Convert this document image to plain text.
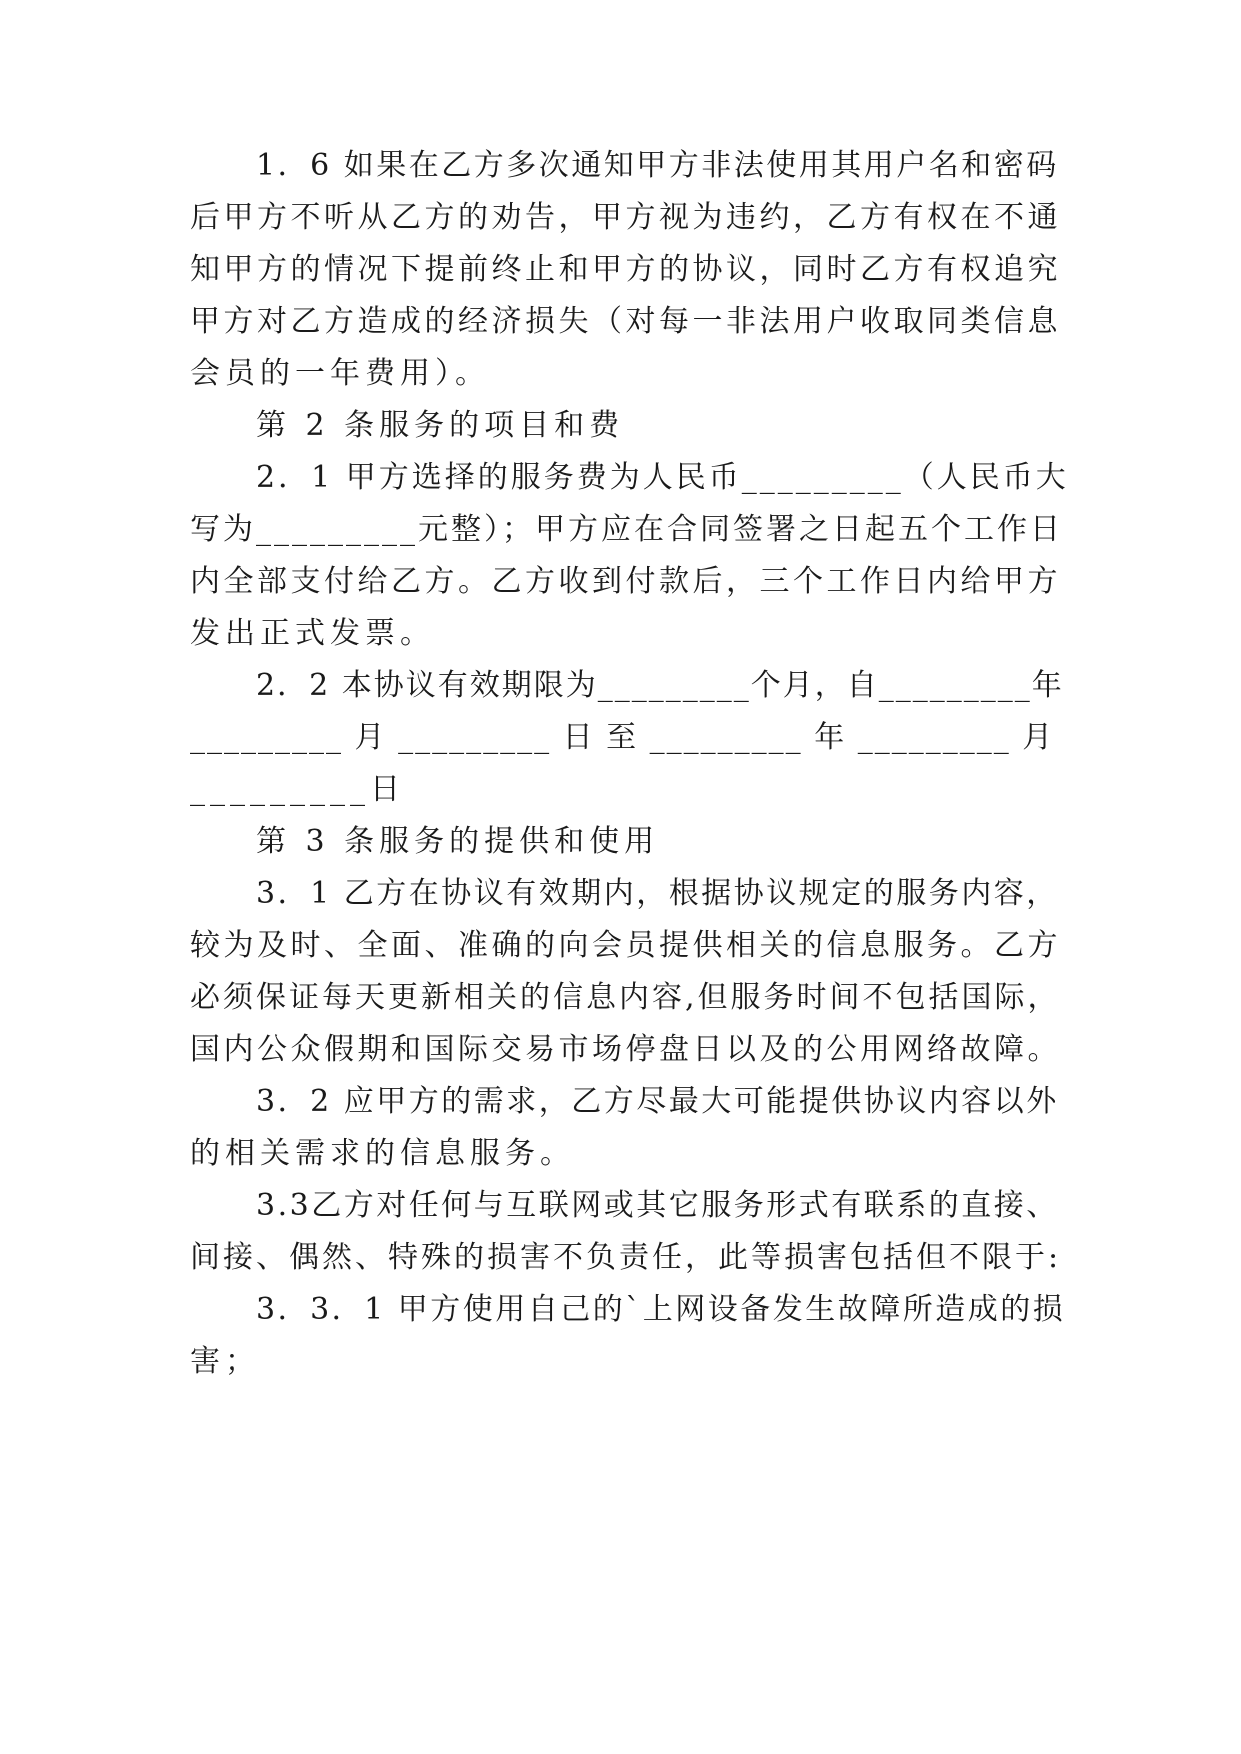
1．6 如果在乙方多次通知甲方非法使用其用户名和密码
后甲方不听从乙方的劝告，甲方视为违约，乙方有权在不通
知甲方的情况下提前终止和甲方的协议，同时乙方有权追究
甲方对乙方造成的经济损失（对每一非法用户收取同类信息
会员的一年费用）。
第 2 条服务的项目和费
2．1 甲方选择的服务费为人民币_________（人民币大
写为_________元整）；甲方应在合同签署之日起五个工作日
内全部支付给乙方。乙方收到付款后，三个工作日内给甲方
发出正式发票。
2．2 本协议有效期限为_________个月，自_________年
_________ 月 _________ 日 至 _________ 年 _________ 月
_________日
第 3 条服务的提供和使用
3．1 乙方在协议有效期内，根据协议规定的服务内容，
较为及时、全面、准确的向会员提供相关的信息服务。乙方
必须保证每天更新相关的信息内容,但服务时间不包括国际，
国内公众假期和国际交易市场停盘日以及的公用网络故障。
3．2 应甲方的需求，乙方尽最大可能提供协议内容以外
的相关需求的信息服务。
3.3乙方对任何与互联网或其它服务形式有联系的直接、
间接、偶然、特殊的损害不负责任，此等损害包括但不限于:
3．3．1 甲方使用自己的`上网设备发生故障所造成的损
害；
